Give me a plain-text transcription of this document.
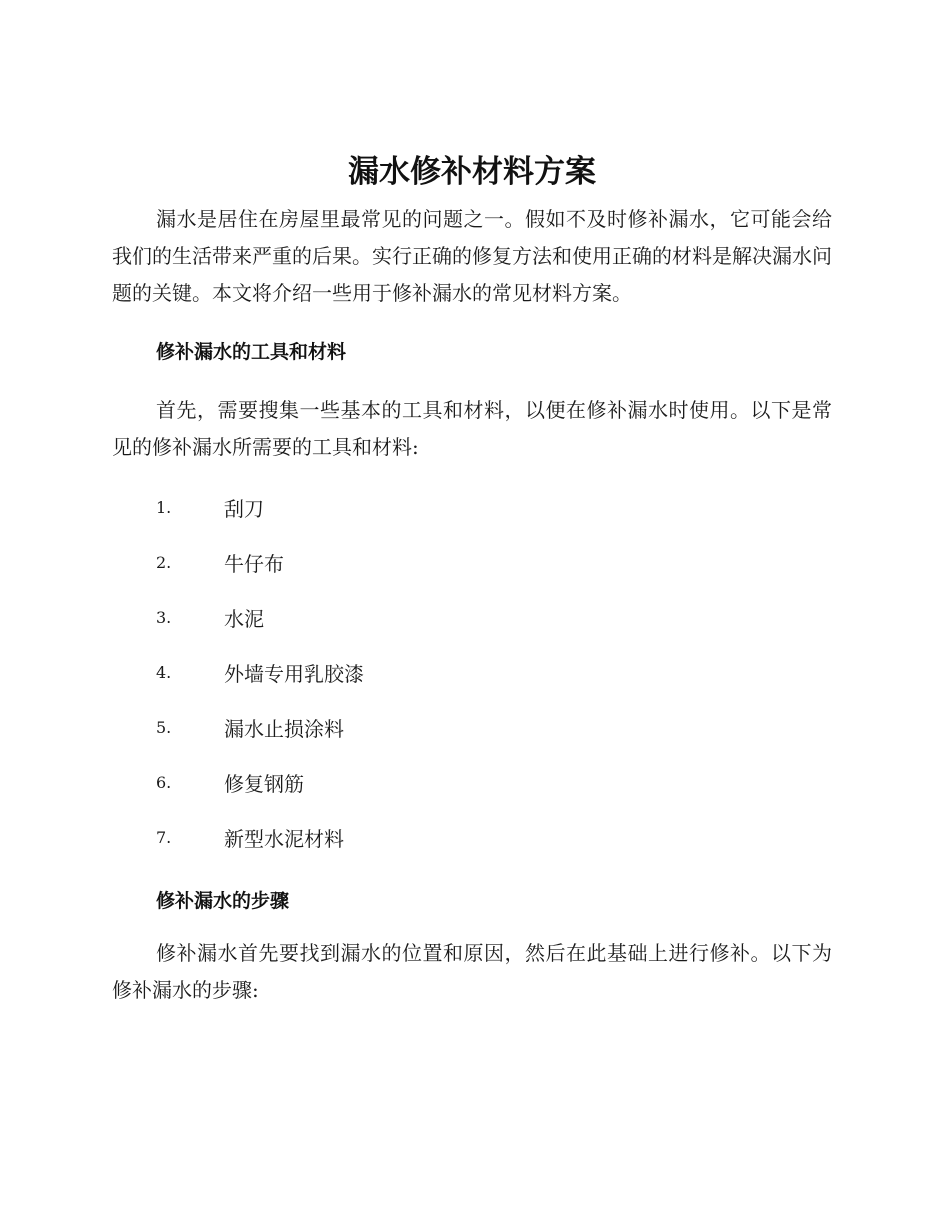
漏水修补材料方案

漏水是居住在房屋里最常见的问题之一。假如不及时修补漏水，它可能会给我们的生活带来严重的后果。实行正确的修复方法和使用正确的材料是解决漏水问题的关键。本文将介绍一些用于修补漏水的常见材料方案。

修补漏水的工具和材料

首先，需要搜集一些基本的工具和材料，以便在修补漏水时使用。以下是常见的修补漏水所需要的工具和材料:

1.	刮刀
2.	牛仔布
3.	水泥
4.	外墙专用乳胶漆
5.	漏水止损涂料
6.	修复钢筋
7.	新型水泥材料
修补漏水的步骤

修补漏水首先要找到漏水的位置和原因，然后在此基础上进行修补。以下为修补漏水的步骤:
